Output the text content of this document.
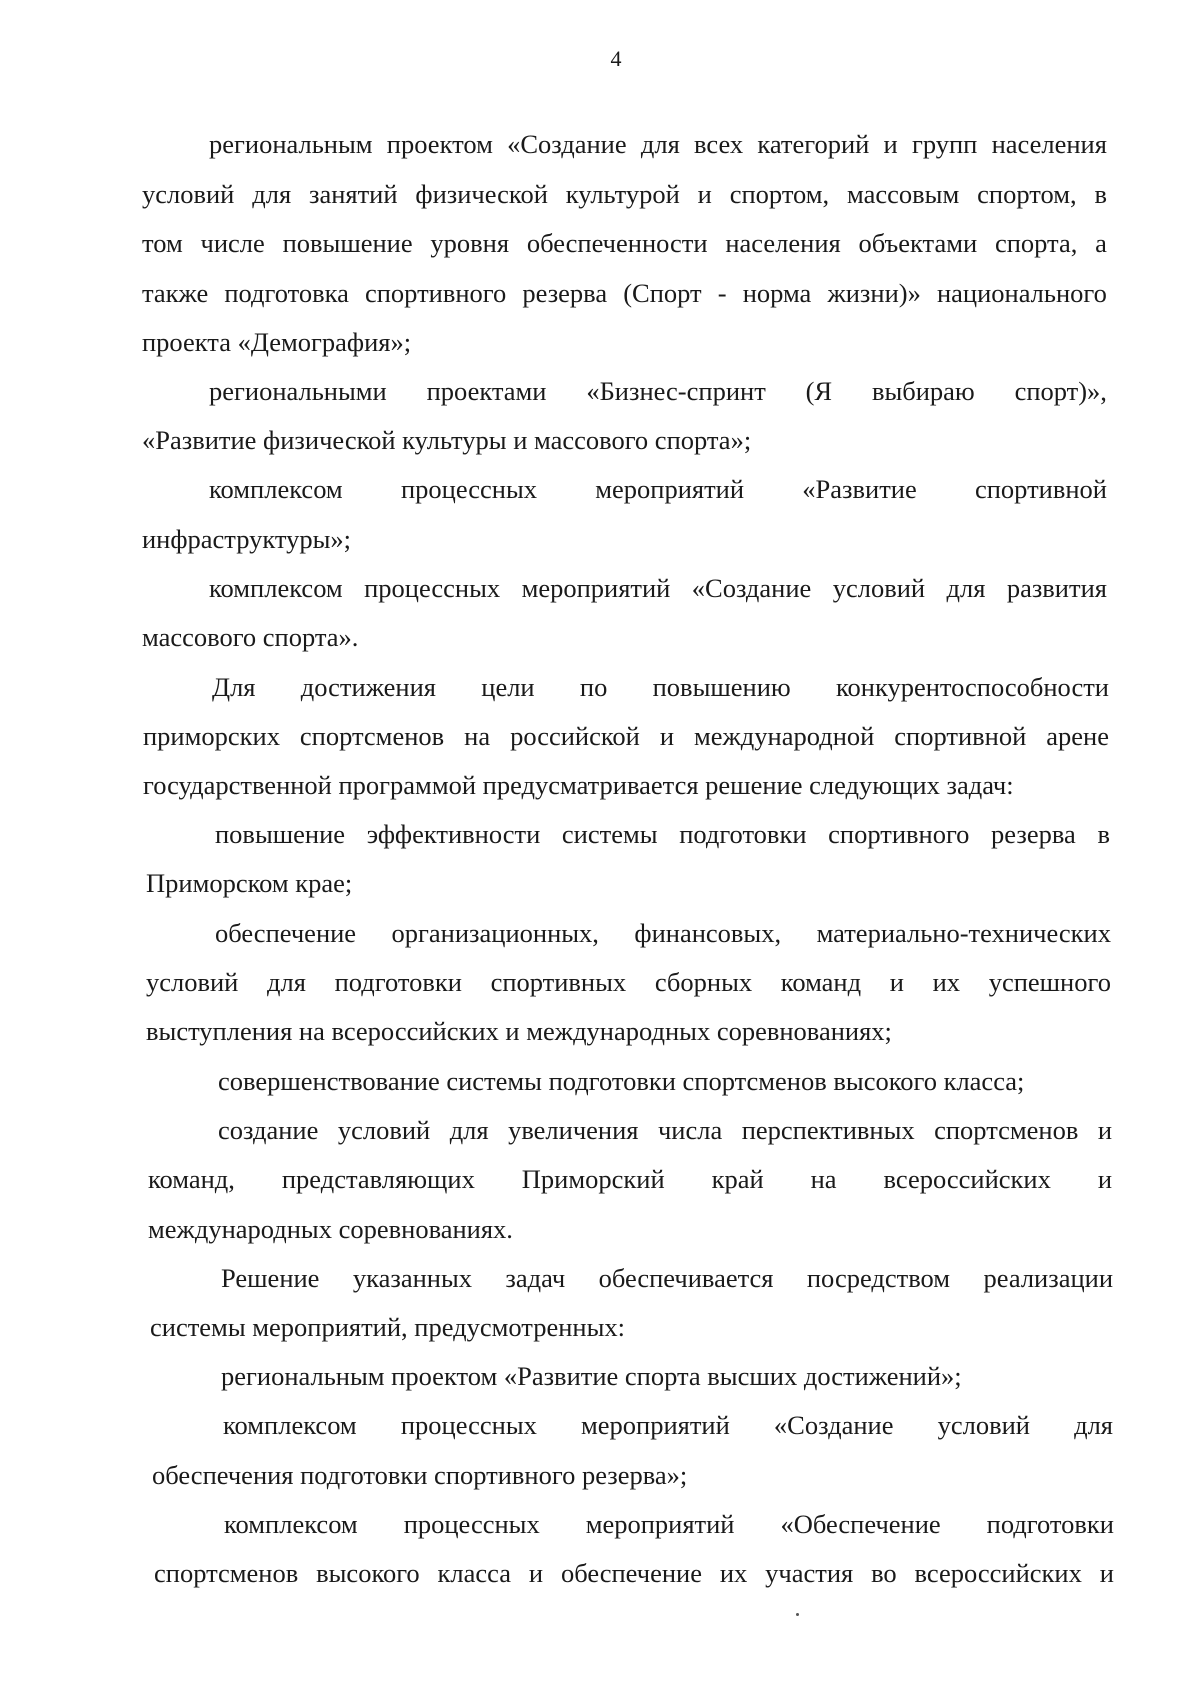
4
региональным проектом «Создание для всех категорий и групп населения
условий для занятий физической культурой и спортом, массовым спортом, в
том числе повышение уровня обеспеченности населения объектами спорта, а
также подготовка спортивного резерва (Спорт - норма жизни)» национального
проекта «Демография»;
региональными проектами «Бизнес-спринт (Я выбираю спорт)»,
«Развитие физической культуры и массового спорта»;
комплексом процессных мероприятий «Развитие спортивной
инфраструктуры»;
комплексом процессных мероприятий «Создание условий для развития
массового спорта».
Для достижения цели по повышению конкурентоспособности
приморских спортсменов на российской и международной спортивной арене
государственной программой предусматривается решение следующих задач:
повышение эффективности системы подготовки спортивного резерва в
Приморском крае;
обеспечение организационных, финансовых, материально-технических
условий для подготовки спортивных сборных команд и их успешного
выступления на всероссийских и международных соревнованиях;
совершенствование системы подготовки спортсменов высокого класса;
создание условий для увеличения числа перспективных спортсменов и
команд, представляющих Приморский край на всероссийских и
международных соревнованиях.
Решение указанных задач обеспечивается посредством реализации
системы мероприятий, предусмотренных:
региональным проектом «Развитие спорта высших достижений»;
комплексом процессных мероприятий «Создание условий для
обеспечения подготовки спортивного резерва»;
комплексом процессных мероприятий «Обеспечение подготовки
спортсменов высокого класса и обеспечение их участия во всероссийских и
